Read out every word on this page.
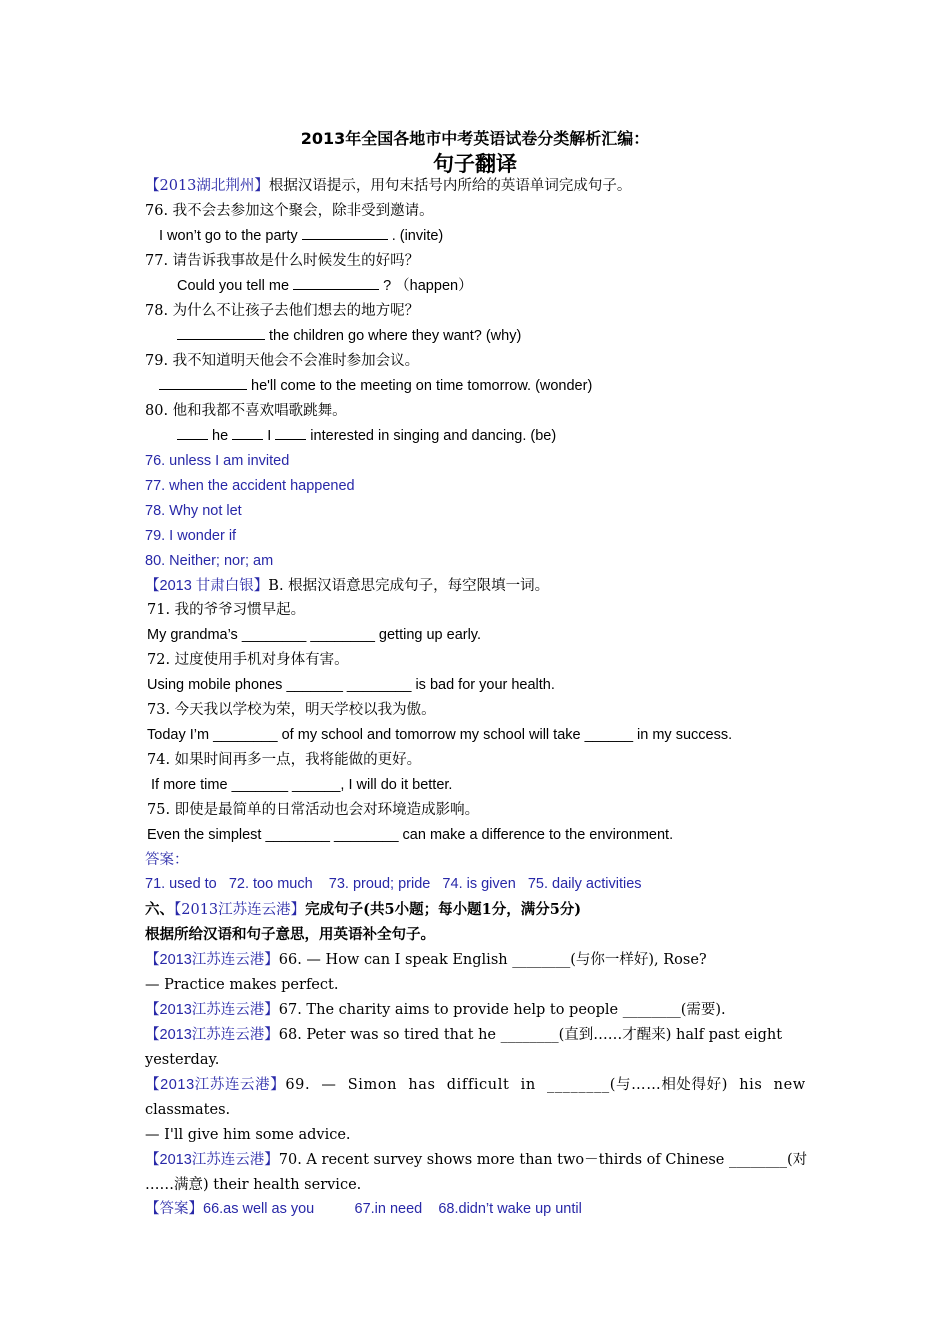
2013年全国各地市中考英语试卷分类解析汇编：
句子翻译
【2013湖北荆州】根据汉语提示，用句末括号内所给的英语单词完成句子。
76. 我不会去参加这个聚会，除非受到邀请。
I won’t go to the party	. (invite)
77. 请告诉我事故是什么时候发生的好吗？
Could you tell me	? （happen）
78. 为什么不让孩子去他们想去的地方呢？
the children go where they want? (why)
79. 我不知道明天他会不会准时参加会议。
he'll come to the meeting on time tomorrow. (wonder)
80. 他和我都不喜欢唱歌跳舞。
he  I  interested in singing and dancing. (be)
76. unless I am invited
77. when the accident happened
78. Why not let
79. I wonder if
80. Neither; nor; am
【2013 甘肃白银】B. 根据汉语意思完成句子，每空限填一词。
71. 我的爷爷习惯早起。
My grandma’s ________ ________ getting up early.
72. 过度使用手机对身体有害。
Using mobile phones _______ ________ is bad for your health.
73. 今天我以学校为荣，明天学校以我为傲。
Today I’m ________ of my school and tomorrow my school will take ______ in my success.
74. 如果时间再多一点，我将能做的更好。
If more time _______ ______, I will do it better.
75. 即使是最简单的日常活动也会对环境造成影响。
Even the simplest ________ ________ can make a difference to the environment.
答案：
71. used to   72. too much    73. proud; pride   74. is given   75. daily activities
六、【2013江苏连云港】完成句子(共5小题；每小题1分，满分5分)
根据所给汉语和句子意思，用英语补全句子。
【2013江苏连云港】66. — How can I speak English ________(与你一样好), Rose?
— Practice makes perfect.
【2013江苏连云港】67. The charity aims to provide help to people ________(需要).
【2013江苏连云港】68. Peter was so tired that he ________(直到……才醒来) half past eight
yesterday.
【2013江苏连云港】69. — Simon has difficult in ________(与……相处得好) his new
classmates.
— I'll give him some advice.
【2013江苏连云港】70. A recent survey shows more than two－thirds of Chinese ________(对
……满意) their health service.
【答案】66.as well as you          67.in need    68.didn’t wake up until
